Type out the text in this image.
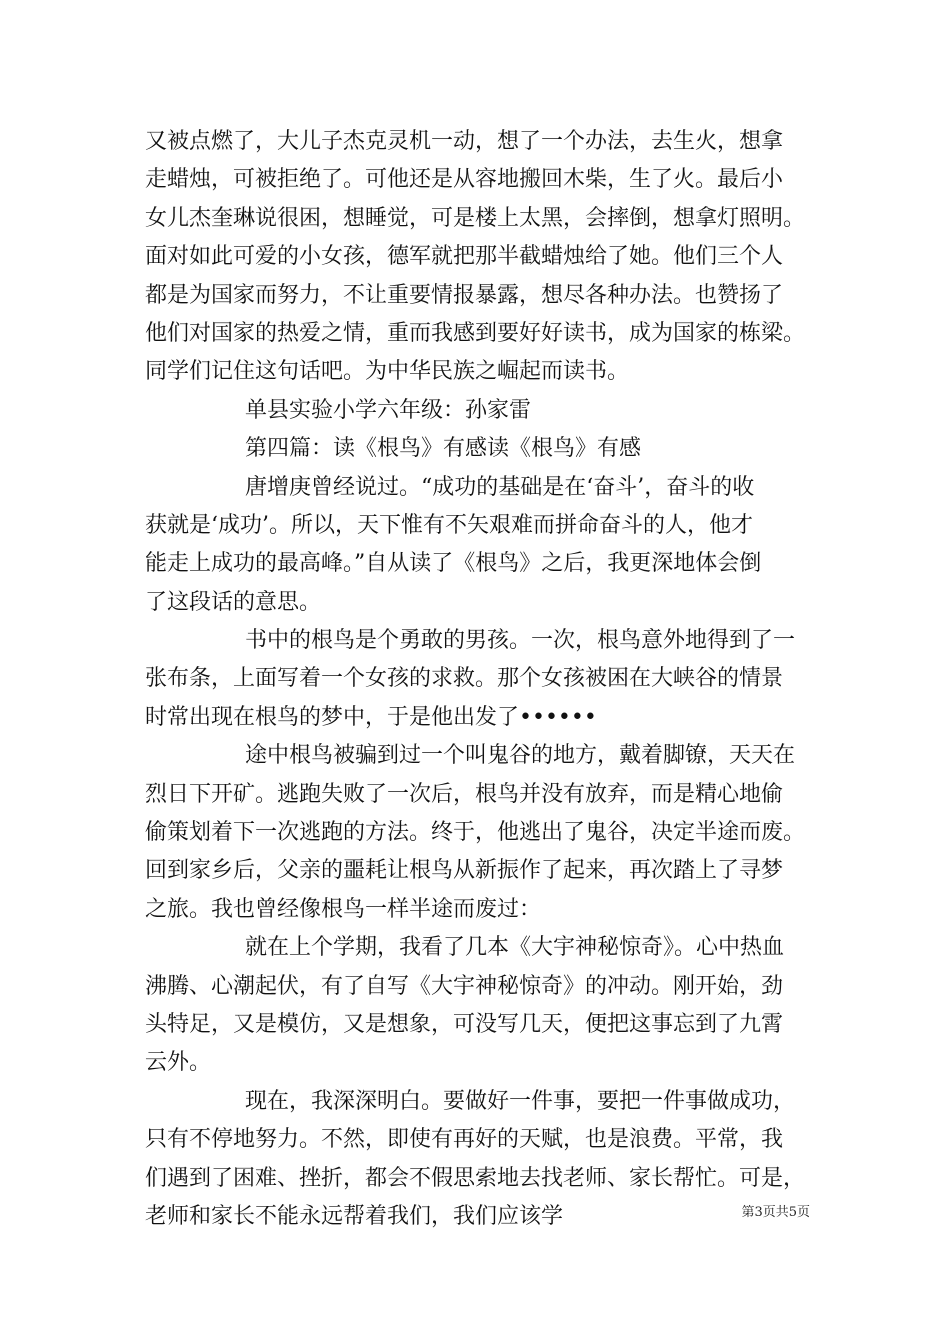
又被点燃了，大儿子杰克灵机一动，想了一个办法，去生火，想拿
走蜡烛，可被拒绝了。可他还是从容地搬回木柴，生了火。最后小
女儿杰奎琳说很困，想睡觉，可是楼上太黑，会摔倒，想拿灯照明。
面对如此可爱的小女孩，德军就把那半截蜡烛给了她。他们三个人
都是为国家而努力，不让重要情报暴露，想尽各种办法。也赞扬了
他们对国家的热爱之情，重而我感到要好好读书，成为国家的栋梁。
同学们记住这句话吧。为中华民族之崛起而读书。
单县实验小学六年级：孙家雷
第四篇：读《根鸟》有感读《根鸟》有感
唐增庚曾经说过。“成功的基础是在‘奋斗’，奋斗的收
获就是‘成功’。所以，天下惟有不矢艰难而拼命奋斗的人，他才
能走上成功的最高峰。”自从读了《根鸟》之后，我更深地体会倒
了这段话的意思。
书中的根鸟是个勇敢的男孩。一次，根鸟意外地得到了一
张布条，上面写着一个女孩的求救。那个女孩被困在大峡谷的情景
时常出现在根鸟的梦中，于是他出发了••••••
途中根鸟被骗到过一个叫鬼谷的地方，戴着脚镣，天天在
烈日下开矿。逃跑失败了一次后，根鸟并没有放弃，而是精心地偷
偷策划着下一次逃跑的方法。终于，他逃出了鬼谷，决定半途而废。
回到家乡后，父亲的噩耗让根鸟从新振作了起来，再次踏上了寻梦
之旅。我也曾经像根鸟一样半途而废过：
就在上个学期，我看了几本《大宇神秘惊奇》。心中热血
沸腾、心潮起伏，有了自写《大宇神秘惊奇》的冲动。刚开始，劲
头特足，又是模仿，又是想象，可没写几天，便把这事忘到了九霄
云外。
现在，我深深明白。要做好一件事，要把一件事做成功，
只有不停地努力。不然，即使有再好的天赋，也是浪费。平常，我
们遇到了困难、挫折，都会不假思索地去找老师、家长帮忙。可是，
老师和家长不能永远帮着我们，我们应该学	第3页共5页
